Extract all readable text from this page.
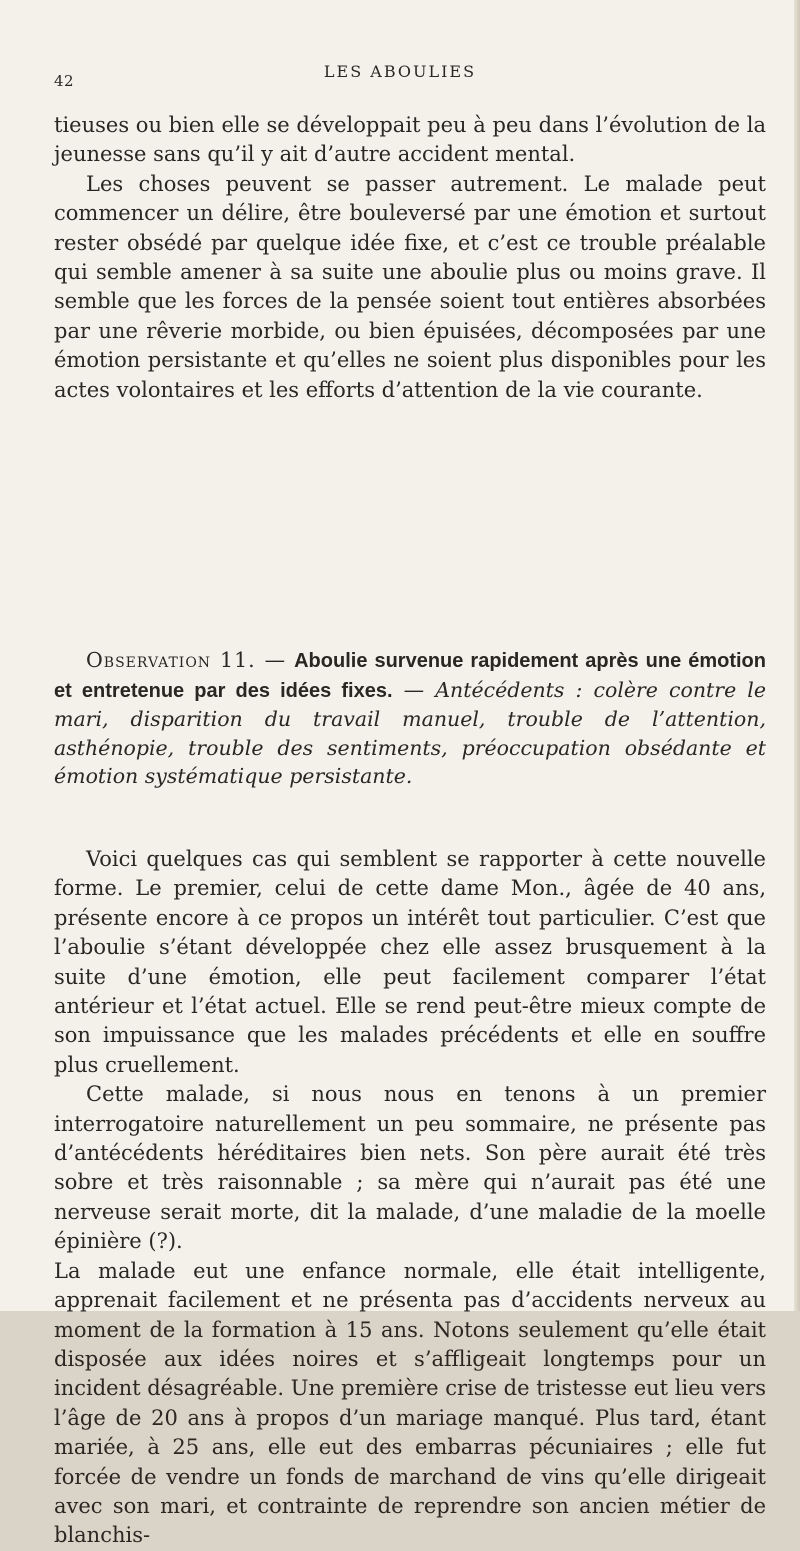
42	LES ABOULIES

tieuses ou bien elle se développait peu à peu dans l’évolution de la jeunesse sans qu’il y ait d’autre accident mental.

Les choses peuvent se passer autrement. Le malade peut commencer un délire, être bouleversé par une émotion et surtout rester obsédé par quelque idée fixe, et c’est ce trouble préalable qui semble amener à sa suite une aboulie plus ou moins grave. Il semble que les forces de la pensée soient tout entières absorbées par une rêverie morbide, ou bien épuisées, décomposées par une émotion persistante et qu’elles ne soient plus disponibles pour les actes volontaires et les efforts d’attention de la vie courante.

Observation 11. — Aboulie survenue rapidement après une émotion et entretenue par des idées fixes. — Antécédents : colère contre le mari, disparition du travail manuel, trouble de l’attention, asthénopie, trouble des sentiments, préoccupation obsédante et émotion systématique persistante.

Voici quelques cas qui semblent se rapporter à cette nouvelle forme. Le premier, celui de cette dame Mon., âgée de 40 ans, présente encore à ce propos un intérêt tout particulier. C’est que l’aboulie s’étant développée chez elle assez brusquement à la suite d’une émotion, elle peut facilement comparer l’état antérieur et l’état actuel. Elle se rend peut-être mieux compte de son impuissance que les malades précédents et elle en souffre plus cruellement.

Cette malade, si nous nous en tenons à un premier interrogatoire naturellement un peu sommaire, ne présente pas d’antécédents héréditaires bien nets. Son père aurait été très sobre et très raisonnable ; sa mère qui n’aurait pas été une nerveuse serait morte, dit la malade, d’une maladie de la moelle épinière (?).

La malade eut une enfance normale, elle était intelligente, apprenait facilement et ne présenta pas d’accidents nerveux au moment de la formation à 15 ans. Notons seulement qu’elle était disposée aux idées noires et s’affligeait longtemps pour un incident désagréable. Une première crise de tristesse eut lieu vers l’âge de 20 ans à propos d’un mariage manqué. Plus tard, étant mariée, à 25 ans, elle eut des embarras pécuniaires ; elle fut forcée de vendre un fonds de marchand de vins qu’elle dirigeait avec son mari, et contrainte de reprendre son ancien métier de blanchis-
